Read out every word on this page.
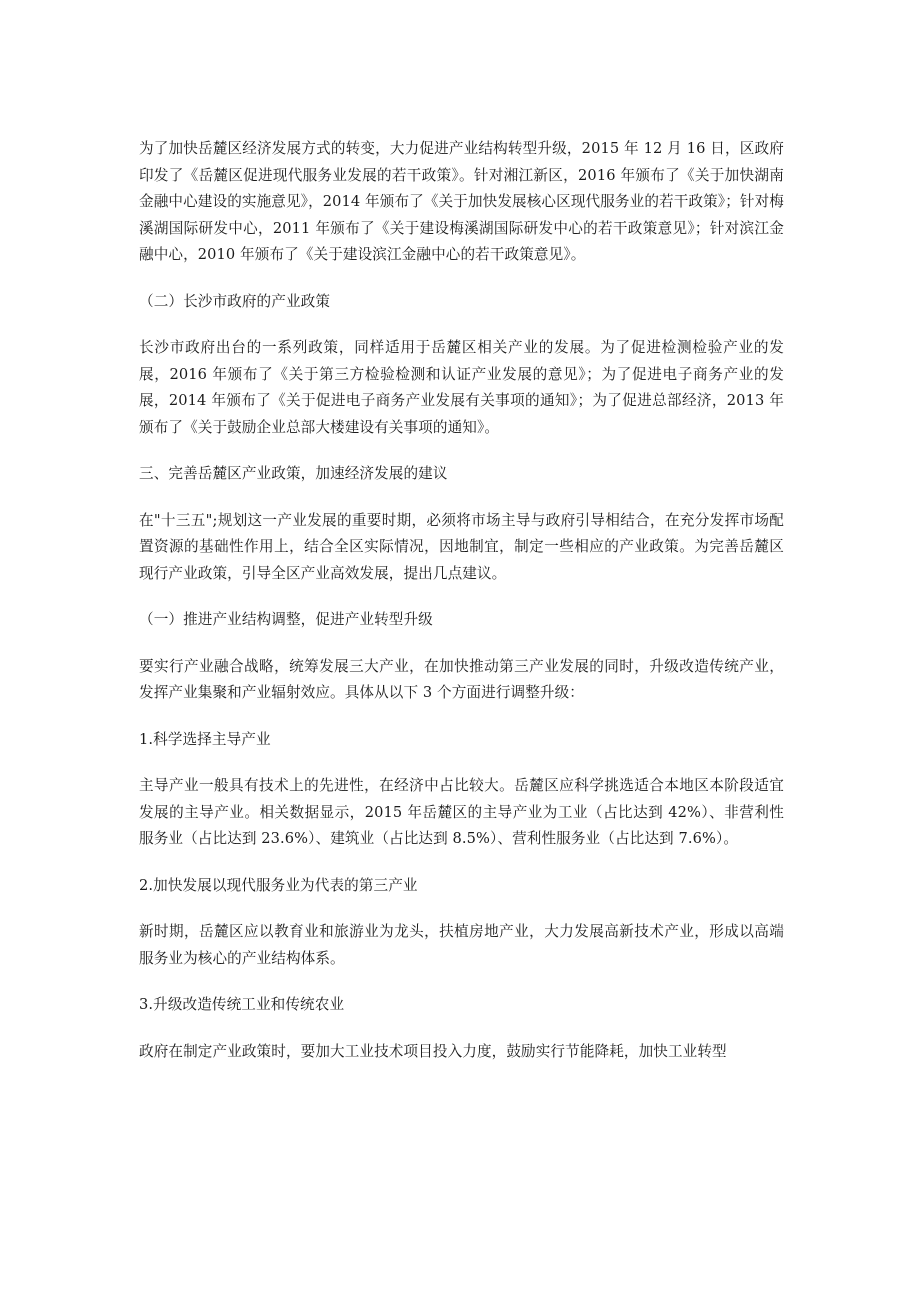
为了加快岳麓区经济发展方式的转变，大力促进产业结构转型升级，2015 年 12 月 16 日，区政府印发了《岳麓区促进现代服务业发展的若干政策》。针对湘江新区，2016 年颁布了《关于加快湖南金融中心建设的实施意见》，2014 年颁布了《关于加快发展核心区现代服务业的若干政策》；针对梅溪湖国际研发中心，2011 年颁布了《关于建设梅溪湖国际研发中心的若干政策意见》；针对滨江金融中心，2010 年颁布了《关于建设滨江金融中心的若干政策意见》。

（二）长沙市政府的产业政策

长沙市政府出台的一系列政策，同样适用于岳麓区相关产业的发展。为了促进检测检验产业的发展，2016 年颁布了《关于第三方检验检测和认证产业发展的意见》；为了促进电子商务产业的发展，2014 年颁布了《关于促进电子商务产业发展有关事项的通知》；为了促进总部经济，2013 年颁布了《关于鼓励企业总部大楼建设有关事项的通知》。

三、完善岳麓区产业政策，加速经济发展的建议

在"十三五";规划这一产业发展的重要时期，必须将市场主导与政府引导相结合，在充分发挥市场配置资源的基础性作用上，结合全区实际情况，因地制宜，制定一些相应的产业政策。为完善岳麓区现行产业政策，引导全区产业高效发展，提出几点建议。

（一）推进产业结构调整，促进产业转型升级

要实行产业融合战略，统筹发展三大产业，在加快推动第三产业发展的同时，升级改造传统产业，发挥产业集聚和产业辐射效应。具体从以下 3 个方面进行调整升级：

1.科学选择主导产业

主导产业一般具有技术上的先进性，在经济中占比较大。岳麓区应科学挑选适合本地区本阶段适宜发展的主导产业。相关数据显示，2015 年岳麓区的主导产业为工业（占比达到 42%）、非营利性服务业（占比达到 23.6%）、建筑业（占比达到 8.5%）、营利性服务业（占比达到 7.6%）。

2.加快发展以现代服务业为代表的第三产业

新时期，岳麓区应以教育业和旅游业为龙头，扶植房地产业，大力发展高新技术产业，形成以高端服务业为核心的产业结构体系。

3.升级改造传统工业和传统农业

政府在制定产业政策时，要加大工业技术项目投入力度，鼓励实行节能降耗，加快工业转型
